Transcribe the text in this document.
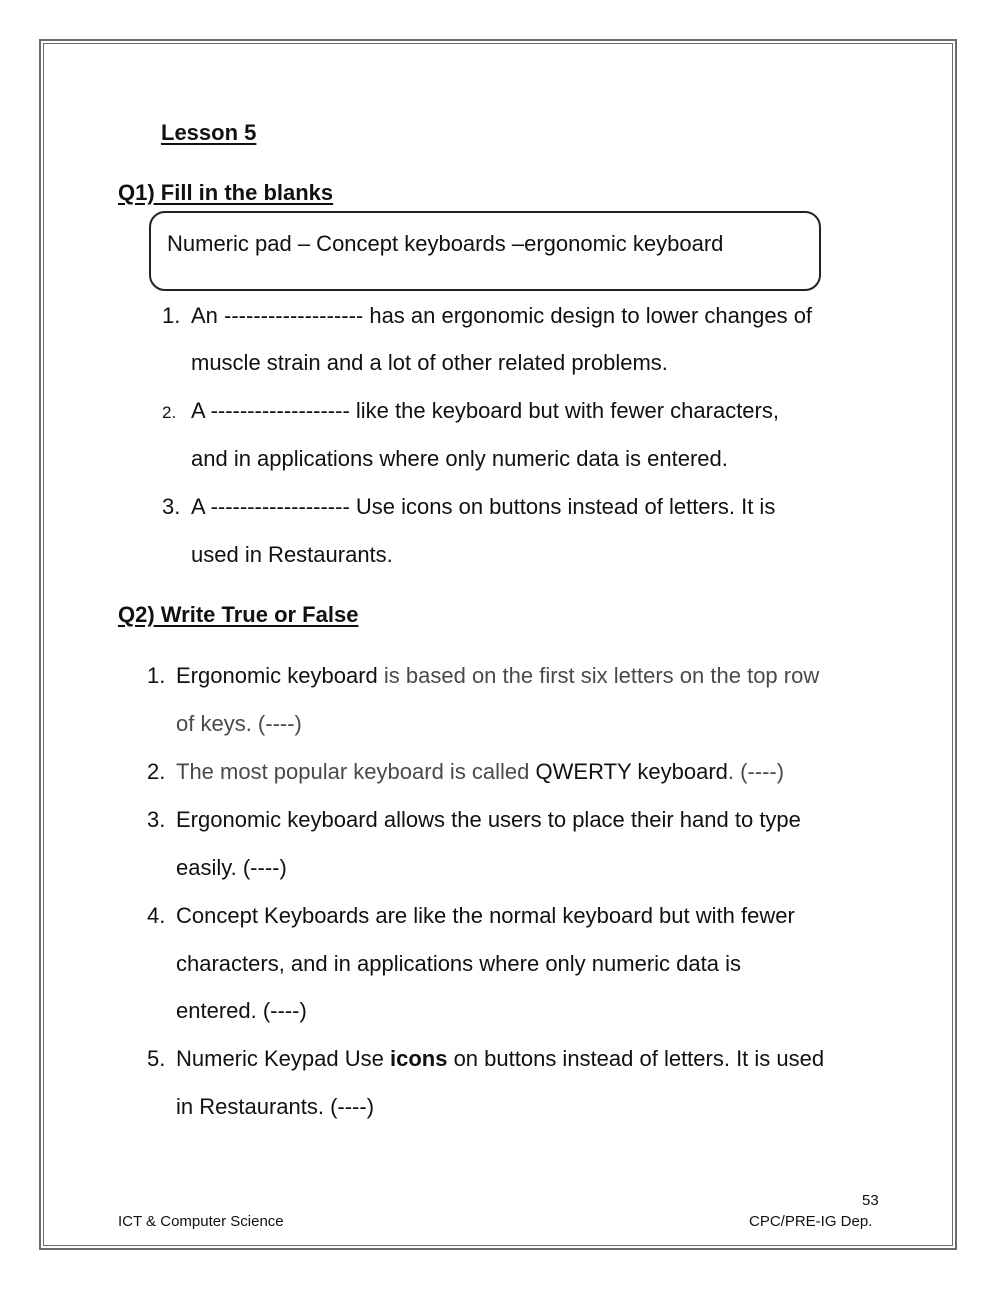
Lesson 5
Q1) Fill in the blanks
Numeric pad – Concept keyboards –ergonomic keyboard
1. An ------------------- has an ergonomic design to lower changes of
muscle strain and a lot of other related problems.
2. A ------------------- like the keyboard but with fewer characters,
and in applications where only numeric data is entered.
3. A ------------------- Use icons on buttons instead of letters. It is
used in Restaurants.
Q2) Write True or False
1. Ergonomic keyboard is based on the first six letters on the top row
of keys. (----)
2. The most popular keyboard is called QWERTY keyboard. (----)
3. Ergonomic keyboard allows the users to place their hand to type
easily. (----)
4. Concept Keyboards are like the normal keyboard but with fewer
characters, and in applications where only numeric data is
entered. (----)
5. Numeric Keypad Use icons on buttons instead of letters. It is used
in Restaurants. (----)
53
ICT & Computer Science	CPC/PRE-IG Dep.
